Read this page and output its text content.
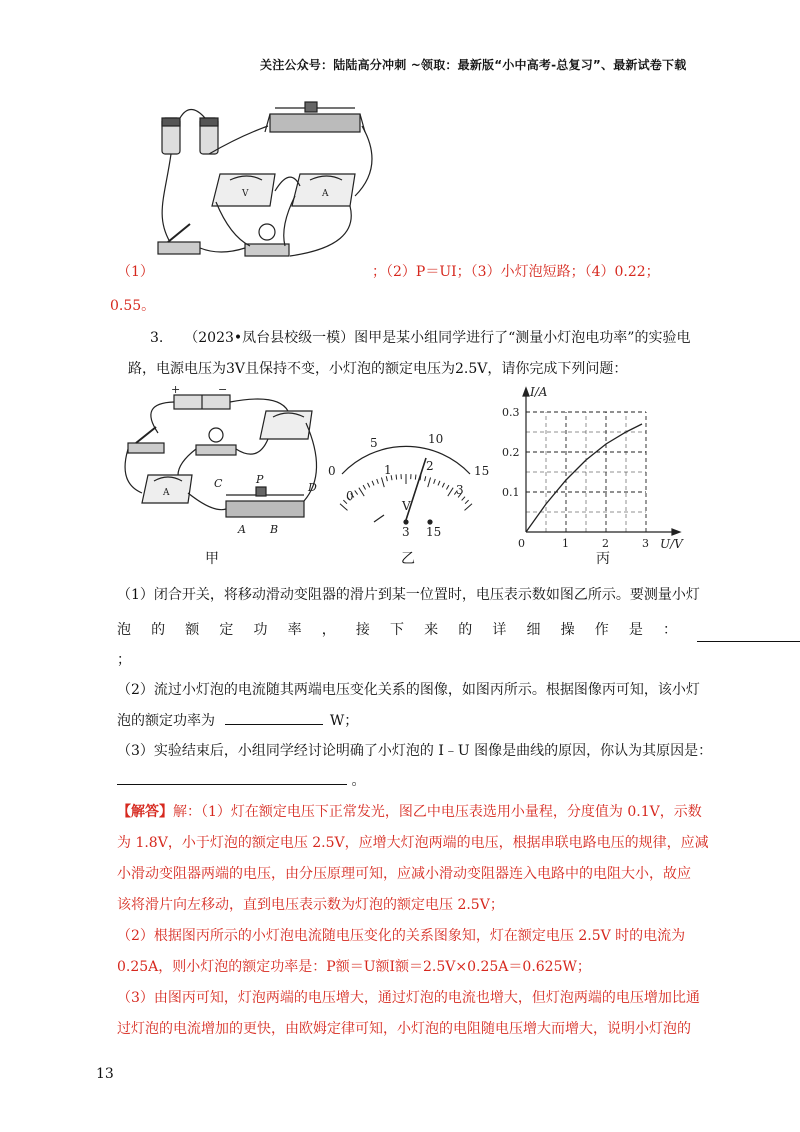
关注公众号：陆陆高分冲刺 ~领取：最新版“小中高考-总复习”、最新试卷下载
V	A
（1）	；（2）P＝UI；（3）小灯泡短路；（4）0.22；
0.55。
3. （2023•凤台县校级一模）图甲是某小组同学进行了“测量小灯泡电功率”的实验电
路，电源电压为3V且保持不变，小灯泡的额定电压为2.5V，请你完成下列问题：
+	−
A
C	P
D
A B
5	10
0	1	2	15
0	3
V
3 15
I/A
U/V
0.3
0.2
0.1
0	1	2	3
甲	乙	丙
（1）闭合开关，将移动滑动变阻器的滑片到某一位置时，电压表示数如图乙所示。要测量小灯
泡 的 额 定 功 率 ， 接 下 来 的 详 细 操 作 是 ：
；
（2）流过小灯泡的电流随其两端电压变化关系的图像，如图丙所示。根据图像丙可知，该小灯
泡的额定功率为	W；
（3）实验结束后，小组同学经讨论明确了小灯泡的 I﹣U 图像是曲线的原因，你认为其原因是：
。
【解答】解：（1）灯在额定电压下正常发光，图乙中电压表选用小量程，分度值为 0.1V，示数
为 1.8V，小于灯泡的额定电压 2.5V，应增大灯泡两端的电压，根据串联电路电压的规律，应减
小滑动变阻器两端的电压，由分压原理可知，应减小滑动变阻器连入电路中的电阻大小，故应
该将滑片向左移动，直到电压表示数为灯泡的额定电压 2.5V；
（2）根据图丙所示的小灯泡电流随电压变化的关系图象知，灯在额定电压 2.5V 时的电流为
0.25A，则小灯泡的额定功率是：P额＝U额I额＝2.5V×0.25A＝0.625W；
（3）由图丙可知，灯泡两端的电压增大，通过灯泡的电流也增大，但灯泡两端的电压增加比通
过灯泡的电流增加的更快，由欧姆定律可知，小灯泡的电阻随电压增大而增大，说明小灯泡的
13
